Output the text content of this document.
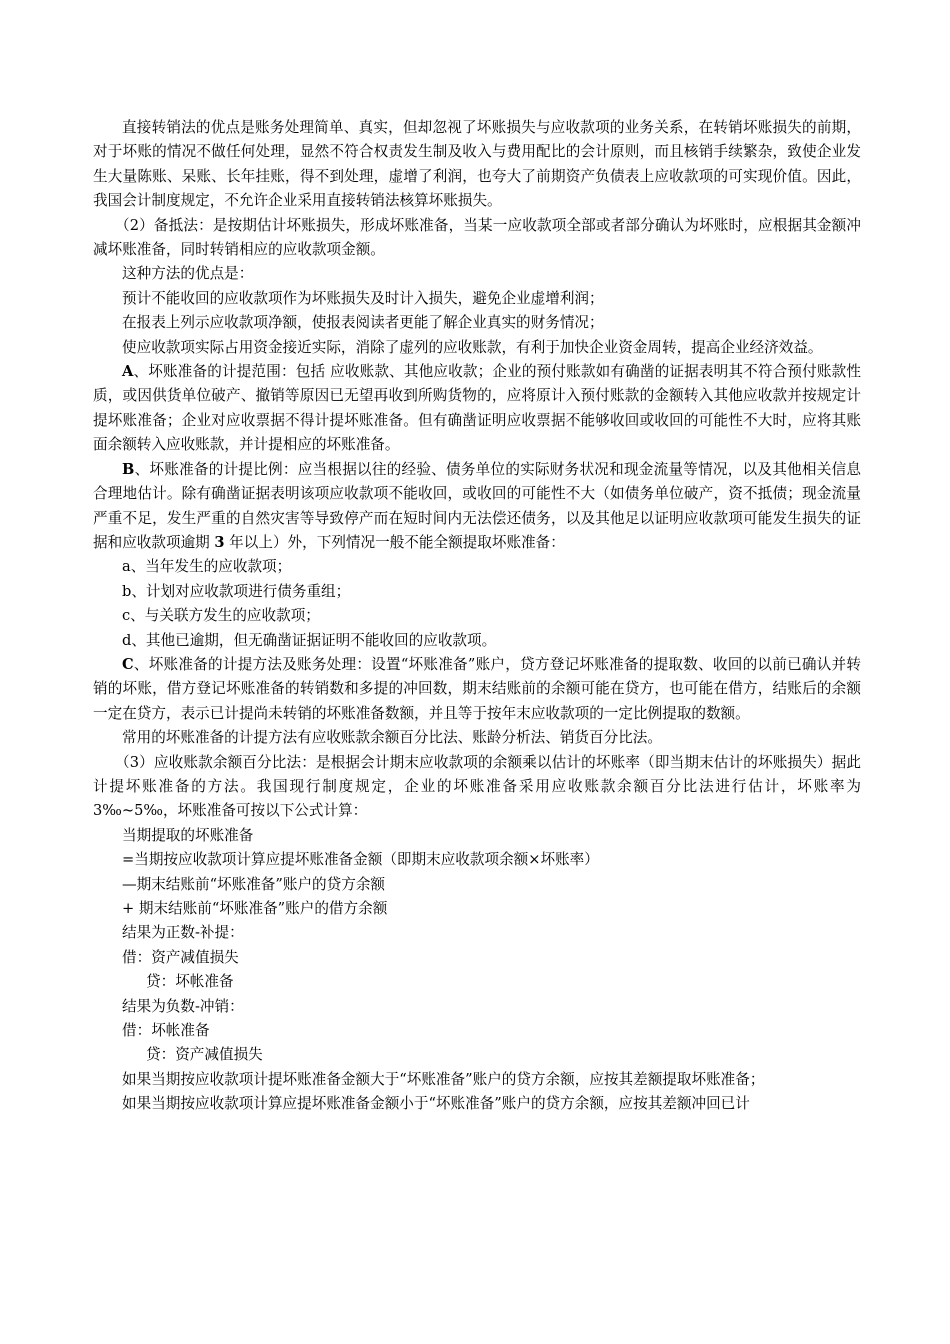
直接转销法的优点是账务处理简单、真实，但却忽视了坏账损失与应收款项的业务关系，在转销坏账损失的前期，对于坏账的情况不做任何处理，显然不符合权责发生制及收入与费用配比的会计原则，而且核销手续繁杂，致使企业发生大量陈账、呆账、长年挂账，得不到处理，虚增了利润，也夸大了前期资产负债表上应收款项的可实现价值。因此，我国会计制度规定，不允许企业采用直接转销法核算坏账损失。

（2）备抵法：是按期估计坏账损失，形成坏账准备，当某一应收款项全部或者部分确认为坏账时，应根据其金额冲减坏账准备，同时转销相应的应收款项金额。

这种方法的优点是：

预计不能收回的应收款项作为坏账损失及时计入损失，避免企业虚增利润；

在报表上列示应收款项净额，使报表阅读者更能了解企业真实的财务情况；

使应收款项实际占用资金接近实际，消除了虚列的应收账款，有利于加快企业资金周转，提高企业经济效益。

A、坏账准备的计提范围：包括 应收账款、其他应收款；企业的预付账款如有确凿的证据表明其不符合预付账款性质，或因供货单位破产、撤销等原因已无望再收到所购货物的，应将原计入预付账款的金额转入其他应收款并按规定计提坏账准备；企业对应收票据不得计提坏账准备。但有确凿证明应收票据不能够收回或收回的可能性不大时，应将其账面余额转入应收账款，并计提相应的坏账准备。

B、坏账准备的计提比例：应当根据以往的经验、债务单位的实际财务状况和现金流量等情况，以及其他相关信息合理地估计。除有确凿证据表明该项应收款项不能收回，或收回的可能性不大（如债务单位破产，资不抵债；现金流量严重不足，发生严重的自然灾害等导致停产而在短时间内无法偿还债务，以及其他足以证明应收款项可能发生损失的证据和应收款项逾期 3 年以上）外，下列情况一般不能全额提取坏账准备：

a、当年发生的应收款项；

b、计划对应收款项进行债务重组；

c、与关联方发生的应收款项；

d、其他已逾期，但无确凿证据证明不能收回的应收款项。

C、坏账准备的计提方法及账务处理：设置“坏账准备”账户，贷方登记坏账准备的提取数、收回的以前已确认并转销的坏账，借方登记坏账准备的转销数和多提的冲回数，期末结账前的余额可能在贷方，也可能在借方，结账后的余额一定在贷方，表示已计提尚未转销的坏账准备数额，并且等于按年末应收款项的一定比例提取的数额。

常用的坏账准备的计提方法有应收账款余额百分比法、账龄分析法、销货百分比法。

（3）应收账款余额百分比法：是根据会计期末应收款项的余额乘以估计的坏账率（即当期末估计的坏账损失）据此计提坏账准备的方法。我国现行制度规定，企业的坏账准备采用应收账款余额百分比法进行估计，坏账率为 3‰~5‰，坏账准备可按以下公式计算：

当期提取的坏账准备

=当期按应收款项计算应提坏账准备金额（即期末应收款项余额×坏账率）

—期末结账前“坏账准备”账户的贷方余额

+ 期末结账前“坏账准备”账户的借方余额

结果为正数-补提：

借：资产减值损失

贷：坏帐准备

结果为负数-冲销：

借：坏帐准备

贷：资产减值损失

如果当期按应收款项计提坏账准备金额大于“坏账准备”账户的贷方余额，应按其差额提取坏账准备；

如果当期按应收款项计算应提坏账准备金额小于“坏账准备”账户的贷方余额，应按其差额冲回已计
